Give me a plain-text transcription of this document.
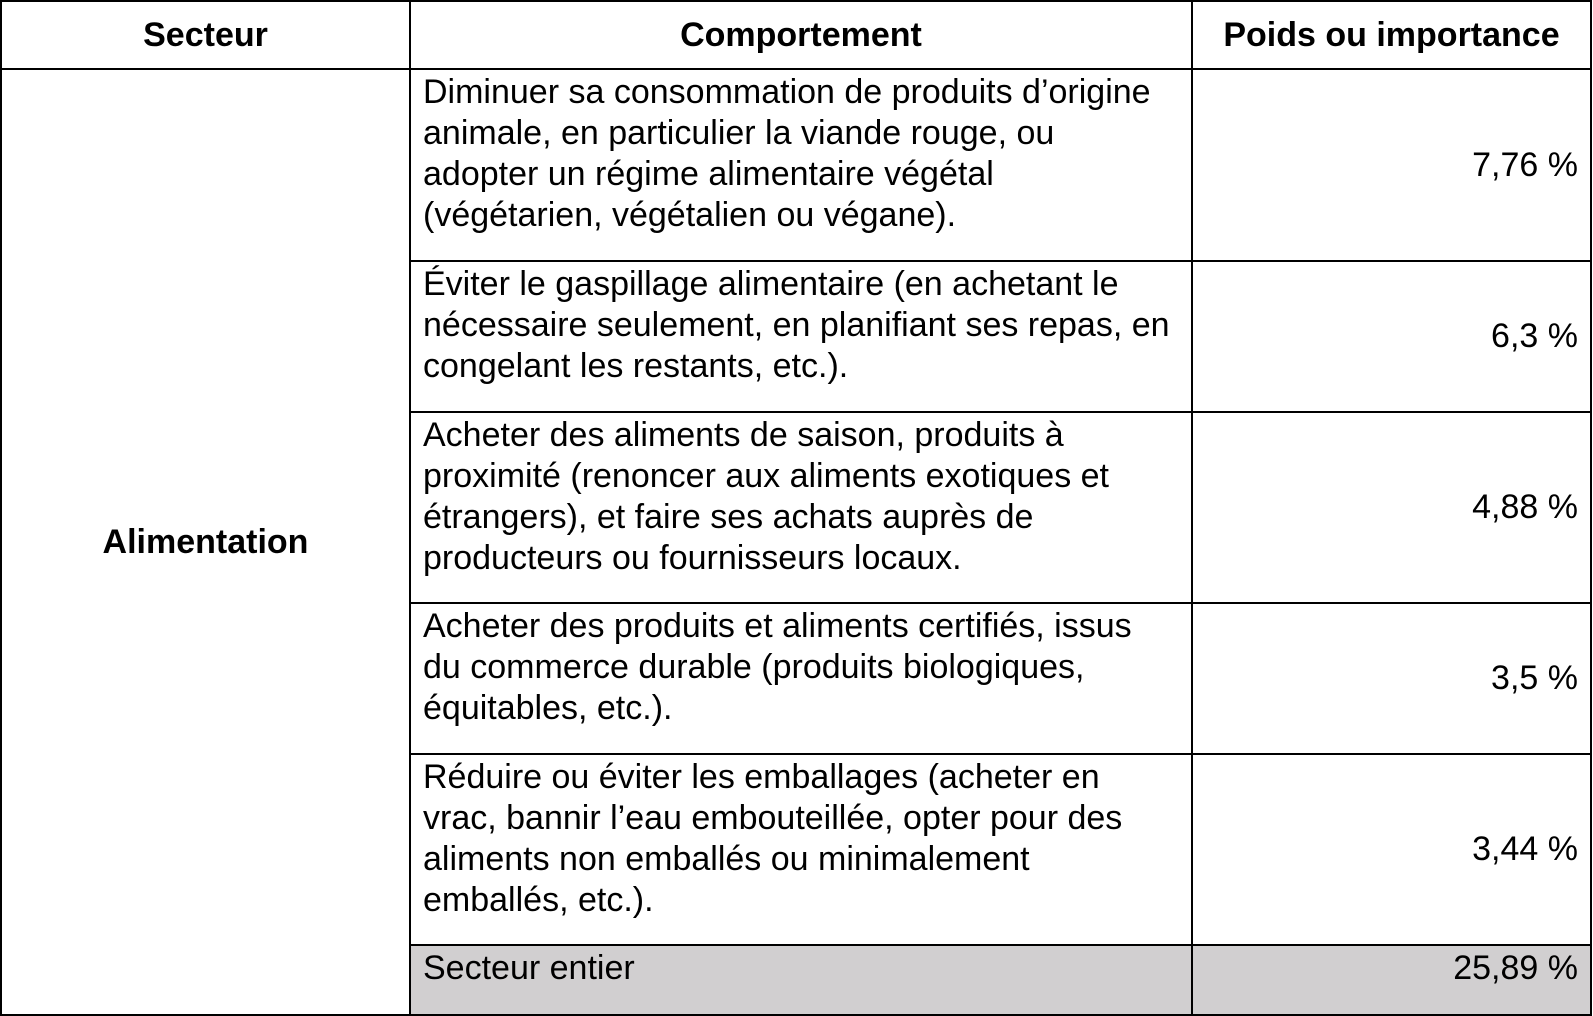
Secteur	Comportement	Poids ou importance
Alimentation	Diminuer sa consommation de produits d’origine animale, en particulier la viande rouge, ou adopter un régime alimentaire végétal (végétarien, végétalien ou végane).	7,76 %
	Éviter le gaspillage alimentaire (en achetant le nécessaire seulement, en planifiant ses repas, en congelant les restants, etc.).	6,3 %
	Acheter des aliments de saison, produits à proximité (renoncer aux aliments exotiques et étrangers), et faire ses achats auprès de producteurs ou fournisseurs locaux.	4,88 %
	Acheter des produits et aliments certifiés, issus du commerce durable (produits biologiques, équitables, etc.).	3,5 %
	Réduire ou éviter les emballages (acheter en vrac, bannir l’eau embouteillée, opter pour des aliments non emballés ou minimalement emballés, etc.).	3,44 %
	Secteur entier	25,89 %
